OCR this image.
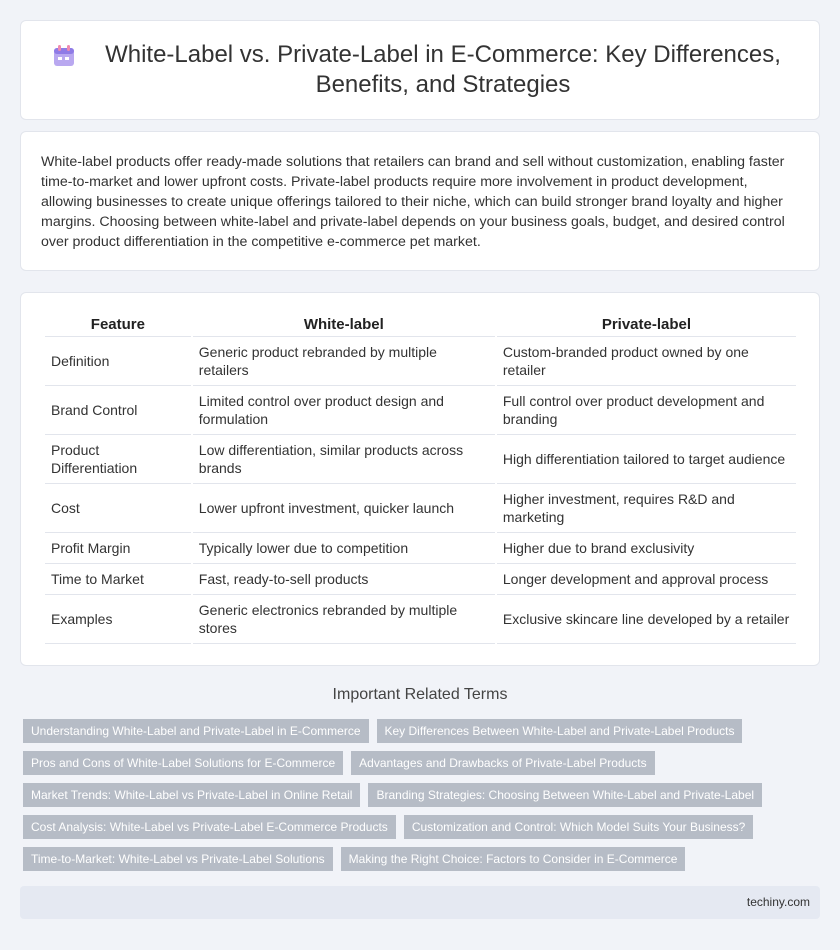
White-Label vs. Private-Label in E-Commerce: Key Differences, Benefits, and Strategies

White-label products offer ready-made solutions that retailers can brand and sell without customization, enabling faster time-to-market and lower upfront costs. Private-label products require more involvement in product development, allowing businesses to create unique offerings tailored to their niche, which can build stronger brand loyalty and higher margins. Choosing between white-label and private-label depends on your business goals, budget, and desired control over product differentiation in the competitive e-commerce pet market.

Feature	White-label	Private-label
Definition	Generic product rebranded by multiple retailers	Custom-branded product owned by one retailer
Brand Control	Limited control over product design and formulation	Full control over product development and branding
Product Differentiation	Low differentiation, similar products across brands	High differentiation tailored to target audience
Cost	Lower upfront investment, quicker launch	Higher investment, requires R&D and marketing
Profit Margin	Typically lower due to competition	Higher due to brand exclusivity
Time to Market	Fast, ready-to-sell products	Longer development and approval process
Examples	Generic electronics rebranded by multiple stores	Exclusive skincare line developed by a retailer
Important Related Terms
Understanding White-Label and Private-Label in E-Commerce	Key Differences Between White-Label and Private-Label Products
Pros and Cons of White-Label Solutions for E-Commerce	Advantages and Drawbacks of Private-Label Products
Market Trends: White-Label vs Private-Label in Online Retail	Branding Strategies: Choosing Between White-Label and Private-Label
Cost Analysis: White-Label vs Private-Label E-Commerce Products	Customization and Control: Which Model Suits Your Business?
Time-to-Market: White-Label vs Private-Label Solutions	Making the Right Choice: Factors to Consider in E-Commerce
techiny.com
